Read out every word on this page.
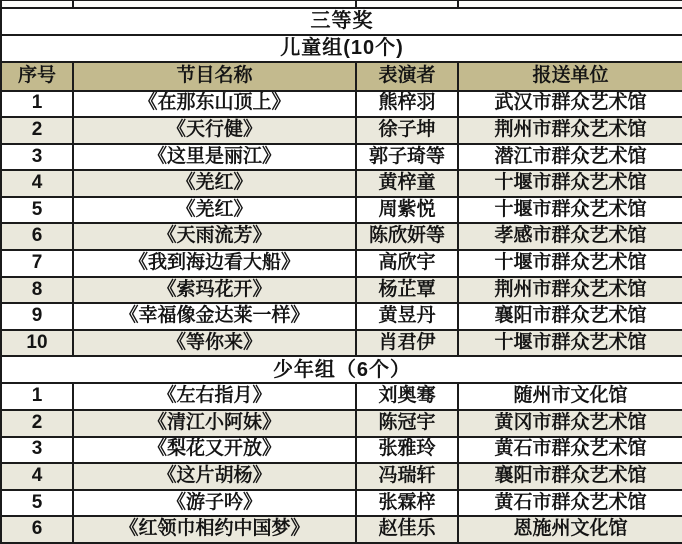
三等奖			
儿童组(10个)			
序号	节目名称	表演者	报送单位
1	《在那东山顶上》	熊梓羽	武汉市群众艺术馆
2	《天行健》	徐子坤	荆州市群众艺术馆
3	《这里是丽江》	郭子琦等	潜江市群众艺术馆
4	《羌红》	黄梓童	十堰市群众艺术馆
5	《羌红》	周紫悦	十堰市群众艺术馆
6	《天雨流芳》	陈欣妍等	孝感市群众艺术馆
7	《我到海边看大船》	高欣宇	十堰市群众艺术馆
8	《索玛花开》	杨芷覃	荆州市群众艺术馆
9	《幸福像金达莱一样》	黄昱丹	襄阳市群众艺术馆
10	《等你来》	肖君伊	十堰市群众艺术馆
少年组（6个）			
1	《左右指月》	刘奥骞	随州市文化馆
2	《清江小阿妹》	陈冠宇	黄冈市群众艺术馆
3	《梨花又开放》	张雅玲	黄石市群众艺术馆
4	《这片胡杨》	冯瑞轩	襄阳市群众艺术馆
5	《游子吟》	张霖梓	黄石市群众艺术馆
6	《红领巾相约中国梦》	赵佳乐	恩施州文化馆
